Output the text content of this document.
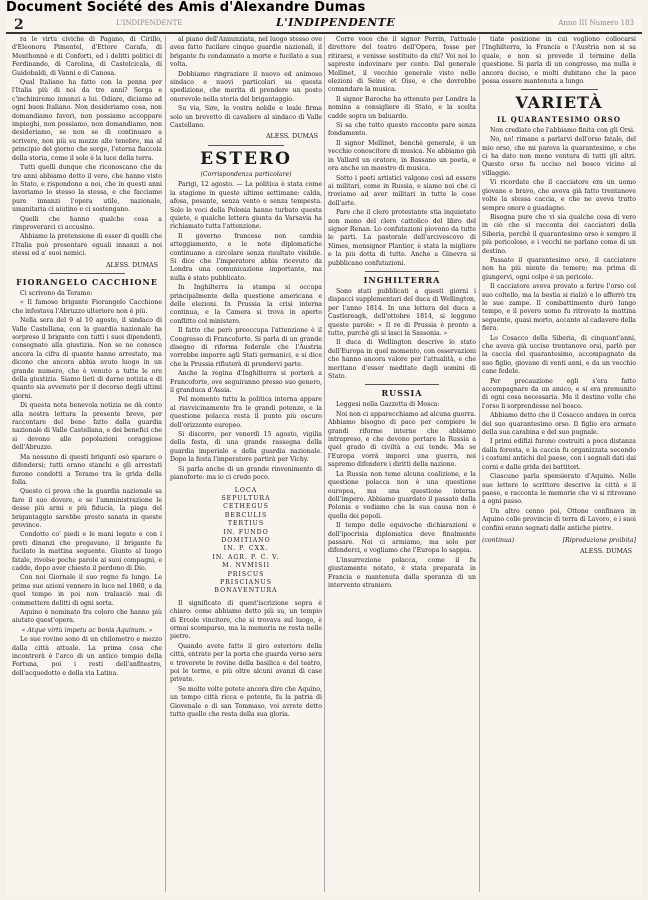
Document Société des Amis d'Alexandre Dumas
2	L'INDIPENDENTE	L'INDIPENDENTE	Anno III Numero 183

ra le virtù civiche di Pagano, di Cirillo, d'Eleonora Pimentel, d'Ettore Carafa, di Menthonnè e di Conforti, ed i delitti politici di Ferdinando, di Carolina, di Castelcicala, di Guidobaldi, di Vanni e di Canosa.

Qual Italiano ha fatto con la penna per l'Italia più di noi da tre anni? Sorga e c'inchiniremo innanzi a lui. Odiare, diciamo ad ogni buon Italiano. Non desideriamo cosa, non domandiamo favori, non possiamo accoppare impieghi, non possiamo, non domandiamo, non desideriamo, se non se di continuare a scrivere, non più su mezze alle tenebre, ma al principio del giorno che sorge, l'eterna fiaccola della storia, come il sole è la luce della terra.

Tutti quelli dunque che riconoscano che da tre anni abbiamo detto il vero, che hanno visto lo Stato, e rispondono a noi, che in questi anni lavoriamo lo stesso la stessa, e che facciamo pure innanzi l'opera utile, nazionale, umanitaria ci aiutino e ci sostengano.

Quelli che hanno qualche cosa a rimproverarci ci accusino.

Abbiamo la pretensione di esser di quelli che l'Italia può presentare eguali innanzi a noi stessi ed a' suoi nemici.

ALESS. DUMAS
FIORANGELO CACCHIONE

Ci scrivono da Teramo:

« Il famoso brigante Fiorangelo Cacchione che infestava l'Abruzzo ulteriore non è più.

Nella sera del 9 al 10 agosto, il sindaco di Valle Castellana, con la guardia nazionale ha sorpreso il brigante con tutti i suoi dipendenti, consegnato alla giustizia. Non se ne conosce ancora la cifra di quanto hanno arrestato, ma dicono che ancora abbia avuto luogo in un grande numero, che è venuto a tutte le ore della giustizia. Siamo lieti di darne notizia e di quanto sia avvenuto per il decorso degli ultimi giorni.

Di questa nota benevola notizia ne dà conto alla nostra lettura la presente breve, per raccontare del bene fatto dalla guardia nazionale di Valle Castellana, e dei benefici che si devono alle popolazioni coraggiose dell'Abruzzo.

Ma nessuno di questi briganti osò sparare o difendersi; tutti erano stanchi e gli arrestati furono condotti a Teramo tra le grida della folla.

Questo ci prova che la guardia nazionale sa fare il suo dovere, e se l'amministrazione le desse più armi e più fiducia, la piaga del brigantaggio sarebbe presto sanata in queste province.

Condotto co' piedi e le mani legate e con i preti dinanzi che pregavano, il brigante fu fucilato la mattina seguente. Giunto al luogo fatale, rivolse poche parole ai suoi compagni, e cadde, dopo aver chiesto il perdono di Dio.

Con noi Giornale il suo regno fu lungo. Le prime sue azioni vennero in luce nel 1860, e da quel tempo in poi non tralasciò mai di commettere delitti di ogni sorta.

Aquino è nominato fra coloro che hanno più aiutato quest'opera.

« Atque virtù impetu ac bonis Aquinum. »

Le sue rovine sono di un chilometro e mezzo dalla città attuale. La prima cosa che incontrerà è l'arco di un antico tempio della Fortuna, poi i resti dell'anfiteatro, dell'acquedotto e della via Latina.

al piano dell'Annunziata, nel luogo stesso ove avea fatto fucilare cinque guardie nazionali, il brigante fu condannato a morte e fucilato a sua volta.

Dobbiamo ringraziare il nuovo ed animoso sindaco e nuovi particolari su questa spedizione, che merita di prendere un posto onorevole nella storia del brigantaggio.

Su via, Sire, la vostra nobile e leale firma solo un brevetto di cavaliere al sindaco di Valle Castellano.

ALESS. DUMAS
ESTERO
(Corrispondenza particolare)

Parigi, 12 agosto. — La politica è stata come la stagione in queste ultime settimane: calda, afosa, pesante, senza vento e senza tempesta. Solo le voci della Polonia hanno turbato questa quiete, e qualche lettera giunta da Varsavia ha richiamato tutta l'attenzione.

Il governo francese non cambia atteggiamento, e le note diplomatiche continuano a circolare senza risultato visibile. Si dice che l'imperatore abbia ricevuto da Londra una comunicazione importante, ma nulla è stato pubblicato.

In Inghilterra la stampa si occupa principalmente della questione americana e delle elezioni. In Prussia la crisi interna continua, e la Camera si trova in aperto conflitto col ministero.

Il fatto che però preoccupa l'attenzione è il Congresso di Francoforte. Si parla di un grande disegno di riforma federale che l'Austria vorrebbe imporre agli Stati germanici, e si dice che la Prussia rifiuterà di prendervi parte.

Anche la regina d'Inghilterra si porterà a Francoforte, ove seguiranno presso suo genero, il granduca d'Assia.

Pel momento tutta la politica interna appare al riavvicinamento fra le grandi potenze, e la questione polacca resta il punto più oscuro dell'orizzonte europeo.

Si discorre, per venerdì 15 agosto, vigilia della festa, di una grande rassegna della guardia imperiale e della guardia nazionale. Dopo la festa l'imperatore partirà per Vichy.

Si parla anche di un grande rinvenimento di pianoforte: ma io ci credo poco.

LOCA
SEPULTURA
CETHEGUS
BERCULIS
TERTIUS
IN. FUNDO
DOMITIANO
IN. P. CXX.
IN. AGR. P. C. V.
M. NVMISIl
PRISCUS
PRISCIANUS
BONAVENTURA

Il significato di quest'iscrizione sopra è chiaro: come abbiamo detto più su, un tempio di Ercole vincitore, che si trovava sul luogo, è ormai scomparso, ma la memoria ne resta nelle pietre.

Quando avete fatto il giro esteriore della città, entrate per la porta che guarda verso sera e troverete le rovine della basilica e del teatro, poi le terme, e più oltre alcuni avanzi di case private.

Se molte volte potete ancora dire che Aquino, un tempo città ricca e potente, fu la patria di Giovenale e di san Tommaso, voi avrete detto tutto quello che resta della sua gloria.

Corre voce che il signor Perrin, l'attuale direttore del teatro dell'Opera, fosse per ritirarsi, e venisse sostituito da chi? Voi noi lo sapreste indovinare per cento. Dal generale Mellinet, il vecchio generale visto nelle elezioni di Seine et Oise, e che dovrebbe comandare la musica.

Il signor Baroche ha ottenuto per Londra la nomina a consigliere di Stato, e la scelta cadde sopra un baluardo.

Si sa che tutto questo racconto pare senza fondamento.

Il signor Mellinet, benchè generale, è un vecchio conoscitore di musica. Ne abbiamo già in Vallard un oratore, in Bassano un poeta, e ora anche un maestro di musica.

Sotto i poeti artistici valgono così ad essere ai militari, come in Russia, e siamo noi che ci troviamo ad aver militari in tutte le cose dell'arte.

Pare che il clero protestante stia inquietato non meno del clero cattolico del libro del signor Renan. Lo confutazioni piovono da tutte le parti. La pastorale dell'arcivescovo di Nimes, monsignor Plantier, è stata la migliore e la più dotta di tutte. Anche a Ginevra si pubblicano confutazioni.

INGHILTERRA

Sono stati pubblicati a questi giorni i dispacci supplementari del duca di Wellington, per l'anno 1814. In una lettera del duca a Castlereagh, dell'ottobre 1814, si leggono queste parole: « Il re di Prussia è pronto a tutto, purchè gli si lasci la Sassonia. »

Il duca di Wellington descrive lo stato dell'Europa in quel momento, con osservazioni che hanno ancora valore per l'attualità, e che meritano d'esser meditate dagli uomini di Stato.

RUSSIA

Leggesi nella Gazzetta di Mosca:

Noi non ci apparecchiamo ad alcuna guerra. Abbiamo bisogno di pace per compiere le grandi riforme interne che abbiamo intrapreso, e che devono portare la Russia a quel grado di civiltà a cui tende. Ma se l'Europa vorrà imporci una guerra, noi sapremo difendere i diritti della nazione.

La Russia non teme alcuna coalizione, e la questione polacca non è una questione europea, ma una questione interna dell'impero. Abbiamo guardato il passato della Polonia e vediamo che la sua causa non è quella dei popoli.

Il tempo delle equivoche dichiarazioni e dell'ipocrisia diplomatica deve finalmente passare. Noi ci armiamo, ma solo per difenderci, e vogliamo che l'Europa lo sappia.

L'insurrezione polacca, come il fu giustamente notato, è stata preparata in Francia e mantenuta dalla speranza di un intervento straniero.

tiate posizione in cui vogliono collocarsi l'Inghilterra, la Francia e l'Austria non si sa quale, e non si prevede il termine della questione. Si parla di un congresso, ma nulla è ancora deciso, e molti dubitano che la pace possa essere mantenuta a lungo.

VARIETÀ
IL QUARANTESIMO ORSO

Non crediate che l'abbiamo finita con gli Orsi.

No, no! rimane a parlarvi dell'orso fatale, del mio orso, che mi pareva la quarantesimo, e che ci ha dato non meno ventura di tutti gli altri. Questo orso fu ucciso nel bosco vicino al villaggio.

Vi ricordate che il cacciatore era un uomo giovane e bravo, che aveva già fatto trentanove volte la stessa caccia, e che ne aveva tratto sempre onore e guadagno.

Bisogna pure che vi sia qualche cosa di vero in ciò che si racconta dei cacciatori della Siberia, perchè il quarantesimo orso è sempre il più pericoloso, e i vecchi ne parlano come di un destino.

Passato il quarantesimo orso, il cacciatore non ha più niente da temere; ma prima di giungervi, ogni colpo è un pericolo.

Il cacciatore aveva provato a ferire l'orso col suo coltello, ma la bestia si rialzò e lo afferrò tra le sue zampe. Il combattimento durò lungo tempo, e il povero uomo fu ritrovato la mattina seguente, quasi morto, accanto al cadavere della fiera.

Lo Cosacco della Siberia, di cinquant'anni, che aveva già ucciso trentanove orsi, parlò per la caccia del quarantesimo, accompagnato da suo figlio, giovane di venti anni, e da un vecchio cane fedele.

Per precauzione egli s'era fatto accompagnare da un amico, e si era premunito di ogni cosa necessaria. Ma il destino volle che l'orso li sorprendesse nel bosco.

Abbiamo detto che il Cosacco andava in cerca del suo quarantesimo orso. Il figlio era armato della sua carabina e del suo pugnale.

I primi edifizi furono costruiti a poca distanza dalla foresta, e la caccia fu organizzata secondo i costumi antichi del paese, con i segnali dati dai corni e dalle grida dei battitori.

Ciascuno parla spensierato d'Aquino. Nelle sue lettere lo scrittore descrive la città e il paese, e racconta le memorie che vi si ritrovano a ogni passo.

Un altro cenno poi, Ottone confinava in Aquino colle provincie di terra di Lavoro, e i suoi confini erano segnati dalle antiche pietre.

(continua)	[Riproduzione proibita]
ALESS. DUMAS
